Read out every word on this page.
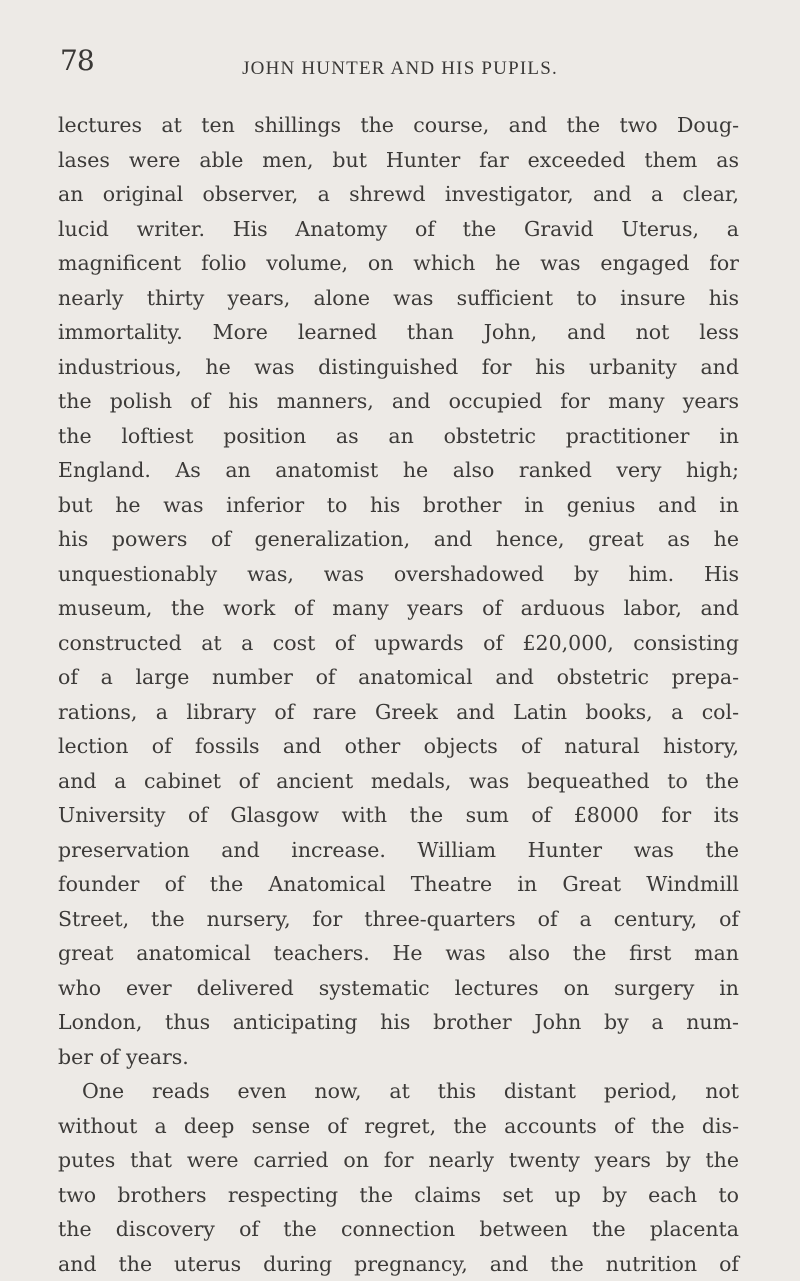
78	JOHN HUNTER AND HIS PUPILS.
lectures at ten shillings the course, and the two Doug-
lases were able men, but Hunter far exceeded them as
an original observer, a shrewd investigator, and a clear,
lucid writer. His Anatomy of the Gravid Uterus, a
magnificent folio volume, on which he was engaged for
nearly thirty years, alone was sufficient to insure his
immortality. More learned than John, and not less
industrious, he was distinguished for his urbanity and
the polish of his manners, and occupied for many years
the loftiest position as an obstetric practitioner in
England. As an anatomist he also ranked very high;
but he was inferior to his brother in genius and in
his powers of generalization, and hence, great as he
unquestionably was, was overshadowed by him. His
museum, the work of many years of arduous labor, and
constructed at a cost of upwards of £20,000, consisting
of a large number of anatomical and obstetric prepa-
rations, a library of rare Greek and Latin books, a col-
lection of fossils and other objects of natural history,
and a cabinet of ancient medals, was bequeathed to the
University of Glasgow with the sum of £8000 for its
preservation and increase. William Hunter was the
founder of the Anatomical Theatre in Great Windmill
Street, the nursery, for three-quarters of a century, of
great anatomical teachers. He was also the first man
who ever delivered systematic lectures on surgery in
London, thus anticipating his brother John by a num-
ber of years.
One reads even now, at this distant period, not
without a deep sense of regret, the accounts of the dis-
putes that were carried on for nearly twenty years by the
two brothers respecting the claims set up by each to
the discovery of the connection between the placenta
and the uterus during pregnancy, and the nutrition of
